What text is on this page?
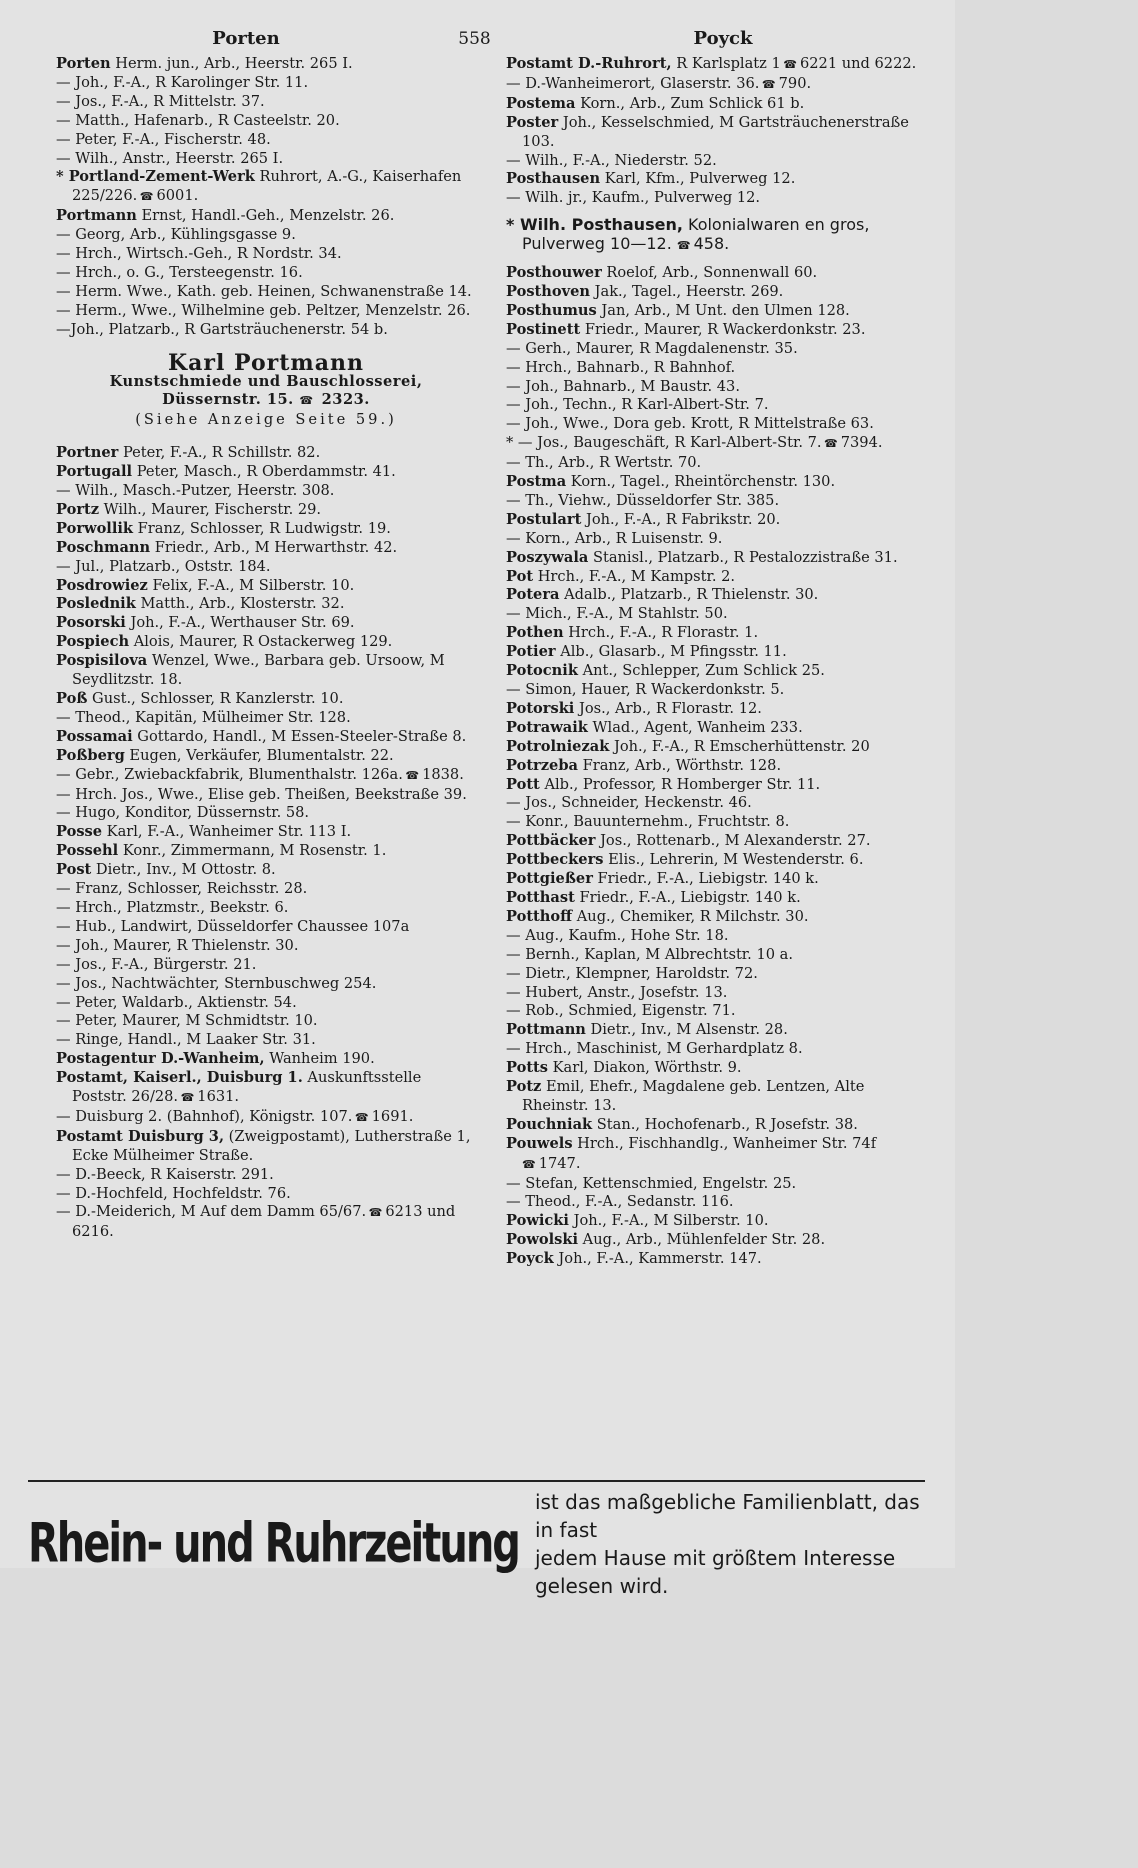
Porten	558	Poyck
Porten Herm. jun., Arb., Heerstr. 265 I.
— Joh., F.-A., R Karolinger Str. 11.
— Jos., F.-A., R Mittelstr. 37.
— Matth., Hafenarb., R Casteelstr. 20.
— Peter, F.-A., Fischerstr. 48.
— Wilh., Anstr., Heerstr. 265 I.
* Portland-Zement-Werk Ruhrort, A.-G., Kaiserhafen 225/226. ☎ 6001.
Portmann Ernst, Handl.-Geh., Menzelstr. 26.
— Georg, Arb., Kühlingsgasse 9.
— Hrch., Wirtsch.-Geh., R Nordstr. 34.
— Hrch., o. G., Tersteegenstr. 16.
— Herm. Wwe., Kath. geb. Heinen, Schwanenstraße 14.
— Herm., Wwe., Wilhelmine geb. Peltzer, Menzelstr. 26.
—Joh., Platzarb., R Gartsträuchenerstr. 54 b.
Karl Portmann
Kunstschmiede und Bauschlosserei,
Düssernstr. 15. ☎ 2323.
(Siehe Anzeige Seite 59.)
Portner Peter, F.-A., R Schillstr. 82.
Portugall Peter, Masch., R Oberdammstr. 41.
— Wilh., Masch.-Putzer, Heerstr. 308.
Portz Wilh., Maurer, Fischerstr. 29.
Porwollik Franz, Schlosser, R Ludwigstr. 19.
Poschmann Friedr., Arb., M Herwarthstr. 42.
— Jul., Platzarb., Oststr. 184.
Posdrowiez Felix, F.-A., M Silberstr. 10.
Poslednik Matth., Arb., Klosterstr. 32.
Posorski Joh., F.-A., Werthauser Str. 69.
Pospiech Alois, Maurer, R Ostackerweg 129.
Pospisilova Wenzel, Wwe., Barbara geb. Ursoow, M Seydlitzstr. 18.
Poß Gust., Schlosser, R Kanzlerstr. 10.
— Theod., Kapitän, Mülheimer Str. 128.
Possamai Gottardo, Handl., M Essen-Steeler-Straße 8.
Poßberg Eugen, Verkäufer, Blumentalstr. 22.
— Gebr., Zwiebackfabrik, Blumenthalstr. 126a. ☎ 1838.
— Hrch. Jos., Wwe., Elise geb. Theißen, Beekstraße 39.
— Hugo, Konditor, Düssernstr. 58.
Posse Karl, F.-A., Wanheimer Str. 113 I.
Possehl Konr., Zimmermann, M Rosenstr. 1.
Post Dietr., Inv., M Ottostr. 8.
— Franz, Schlosser, Reichsstr. 28.
— Hrch., Platzmstr., Beekstr. 6.
— Hub., Landwirt, Düsseldorfer Chaussee 107a
— Joh., Maurer, R Thielenstr. 30.
— Jos., F.-A., Bürgerstr. 21.
— Jos., Nachtwächter, Sternbuschweg 254.
— Peter, Waldarb., Aktienstr. 54.
— Peter, Maurer, M Schmidtstr. 10.
— Ringe, Handl., M Laaker Str. 31.
Postagentur D.-Wanheim, Wanheim 190.
Postamt, Kaiserl., Duisburg 1. Auskunftsstelle Poststr. 26/28. ☎ 1631.
— Duisburg 2. (Bahnhof), Königstr. 107. ☎ 1691.
Postamt Duisburg 3, (Zweigpostamt), Lutherstraße 1, Ecke Mülheimer Straße.
— D.-Beeck, R Kaiserstr. 291.
— D.-Hochfeld, Hochfeldstr. 76.
— D.-Meiderich, M Auf dem Damm 65/67. ☎ 6213 und 6216.
Postamt D.-Ruhrort, R Karlsplatz 1 ☎ 6221 und 6222.
— D.-Wanheimerort, Glaserstr. 36. ☎ 790.
Postema Korn., Arb., Zum Schlick 61 b.
Poster Joh., Kesselschmied, M Gartsträuchenerstraße 103.
— Wilh., F.-A., Niederstr. 52.
Posthausen Karl, Kfm., Pulverweg 12.
— Wilh. jr., Kaufm., Pulverweg 12.
* Wilh. Posthausen, Kolonialwaren en gros, Pulverweg 10—12. ☎ 458.
Posthouwer Roelof, Arb., Sonnenwall 60.
Posthoven Jak., Tagel., Heerstr. 269.
Posthumus Jan, Arb., M Unt. den Ulmen 128.
Postinett Friedr., Maurer, R Wackerdonkstr. 23.
— Gerh., Maurer, R Magdalenenstr. 35.
— Hrch., Bahnarb., R Bahnhof.
— Joh., Bahnarb., M Baustr. 43.
— Joh., Techn., R Karl-Albert-Str. 7.
— Joh., Wwe., Dora geb. Krott, R Mittelstraße 63.
* — Jos., Baugeschäft, R Karl-Albert-Str. 7. ☎ 7394.
— Th., Arb., R Wertstr. 70.
Postma Korn., Tagel., Rheintörchenstr. 130.
— Th., Viehw., Düsseldorfer Str. 385.
Postulart Joh., F.-A., R Fabrikstr. 20.
— Korn., Arb., R Luisenstr. 9.
Poszywala Stanisl., Platzarb., R Pestalozzistraße 31.
Pot Hrch., F.-A., M Kampstr. 2.
Potera Adalb., Platzarb., R Thielenstr. 30.
— Mich., F.-A., M Stahlstr. 50.
Pothen Hrch., F.-A., R Florastr. 1.
Potier Alb., Glasarb., M Pfingsstr. 11.
Potocnik Ant., Schlepper, Zum Schlick 25.
— Simon, Hauer, R Wackerdonkstr. 5.
Potorski Jos., Arb., R Florastr. 12.
Potrawaik Wlad., Agent, Wanheim 233.
Potrolniezak Joh., F.-A., R Emscherhüttenstr. 20
Potrzeba Franz, Arb., Wörthstr. 128.
Pott Alb., Professor, R Homberger Str. 11.
— Jos., Schneider, Heckenstr. 46.
— Konr., Bauunternehm., Fruchtstr. 8.
Pottbäcker Jos., Rottenarb., M Alexanderstr. 27.
Pottbeckers Elis., Lehrerin, M Westenderstr. 6.
Pottgießer Friedr., F.-A., Liebigstr. 140 k.
Potthast Friedr., F.-A., Liebigstr. 140 k.
Potthoff Aug., Chemiker, R Milchstr. 30.
— Aug., Kaufm., Hohe Str. 18.
— Bernh., Kaplan, M Albrechtstr. 10 a.
— Dietr., Klempner, Haroldstr. 72.
— Hubert, Anstr., Josefstr. 13.
— Rob., Schmied, Eigenstr. 71.
Pottmann Dietr., Inv., M Alsenstr. 28.
— Hrch., Maschinist, M Gerhardplatz 8.
Potts Karl, Diakon, Wörthstr. 9.
Potz Emil, Ehefr., Magdalene geb. Lentzen, Alte Rheinstr. 13.
Pouchniak Stan., Hochofenarb., R Josefstr. 38.
Pouwels Hrch., Fischhandlg., Wanheimer Str. 74f ☎ 1747.
— Stefan, Kettenschmied, Engelstr. 25.
— Theod., F.-A., Sedanstr. 116.
Powicki Joh., F.-A., M Silberstr. 10.
Powolski Aug., Arb., Mühlenfelder Str. 28.
Poyck Joh., F.-A., Kammerstr. 147.
Rhein- und Ruhrzeitung
ist das maßgebliche Familienblatt, das in fast
jedem Hause mit größtem Interesse gelesen wird.
